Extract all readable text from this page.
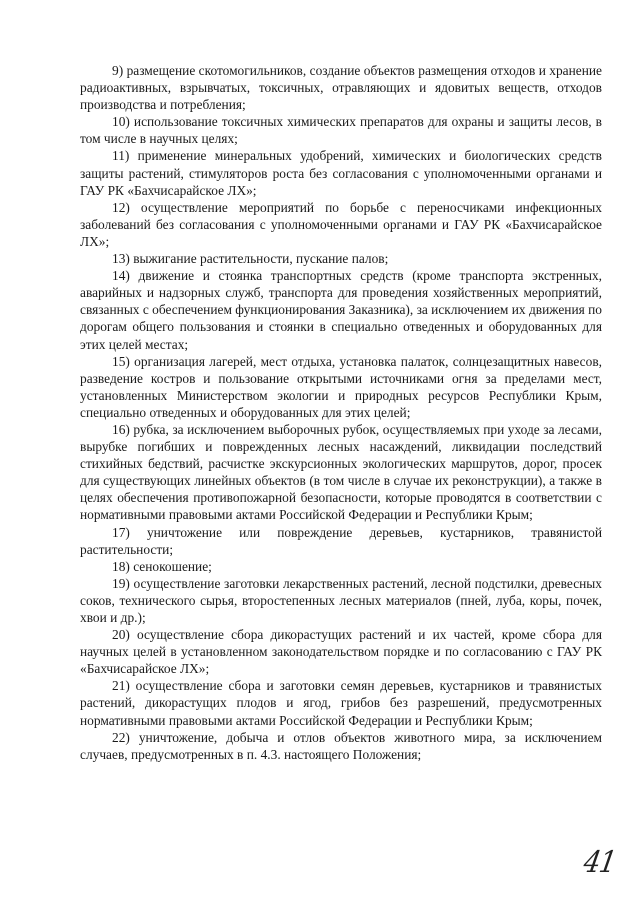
9) размещение скотомогильников, создание объектов размещения отходов и хранение радиоактивных, взрывчатых, токсичных, отравляющих и ядовитых веществ, отходов производства и потребления;

10) использование токсичных химических препаратов для охраны и защиты лесов, в том числе в научных целях;

11) применение минеральных удобрений, химических и биологических средств защиты растений, стимуляторов роста без согласования с уполномоченными органами и ГАУ РК «Бахчисарайское ЛХ»;

12) осуществление мероприятий по борьбе с переносчиками инфекционных заболеваний без согласования с уполномоченными органами и ГАУ РК «Бахчисарайское ЛХ»;

13) выжигание растительности, пускание палов;

14) движение и стоянка транспортных средств (кроме транспорта экстренных, аварийных и надзорных служб, транспорта для проведения хозяйственных мероприятий, связанных с обеспечением функционирования Заказника), за исключением их движения по дорогам общего пользования и стоянки в специально отведенных и оборудованных для этих целей местах;

15) организация лагерей, мест отдыха, установка палаток, солнцезащитных навесов, разведение костров и пользование открытыми источниками огня за пределами мест, установленных Министерством экологии и природных ресурсов Республики Крым, специально отведенных и оборудованных для этих целей;

16) рубка, за исключением выборочных рубок, осуществляемых при уходе за лесами, вырубке погибших и поврежденных лесных насаждений, ликвидации последствий стихийных бедствий, расчистке экскурсионных экологических маршрутов, дорог, просек для существующих линейных объектов (в том числе в случае их реконструкции), а также в целях обеспечения противопожарной безопасности, которые проводятся в соответствии с нормативными правовыми актами Российской Федерации и Республики Крым;

17) уничтожение или повреждение деревьев, кустарников, травянистой растительности;

18) сенокошение;

19) осуществление заготовки лекарственных растений, лесной подстилки, древесных соков, технического сырья, второстепенных лесных материалов (пней, луба, коры, почек, хвои и др.);

20) осуществление сбора дикорастущих растений и их частей, кроме сбора для научных целей в установленном законодательством порядке и по согласованию с ГАУ РК «Бахчисарайское ЛХ»;

21) осуществление сбора и заготовки семян деревьев, кустарников и травянистых растений, дикорастущих плодов и ягод, грибов без разрешений, предусмотренных нормативными правовыми актами Российской Федерации и Республики Крым;

22) уничтожение, добыча и отлов объектов животного мира, за исключением случаев, предусмотренных в п. 4.3. настоящего Положения;

41
